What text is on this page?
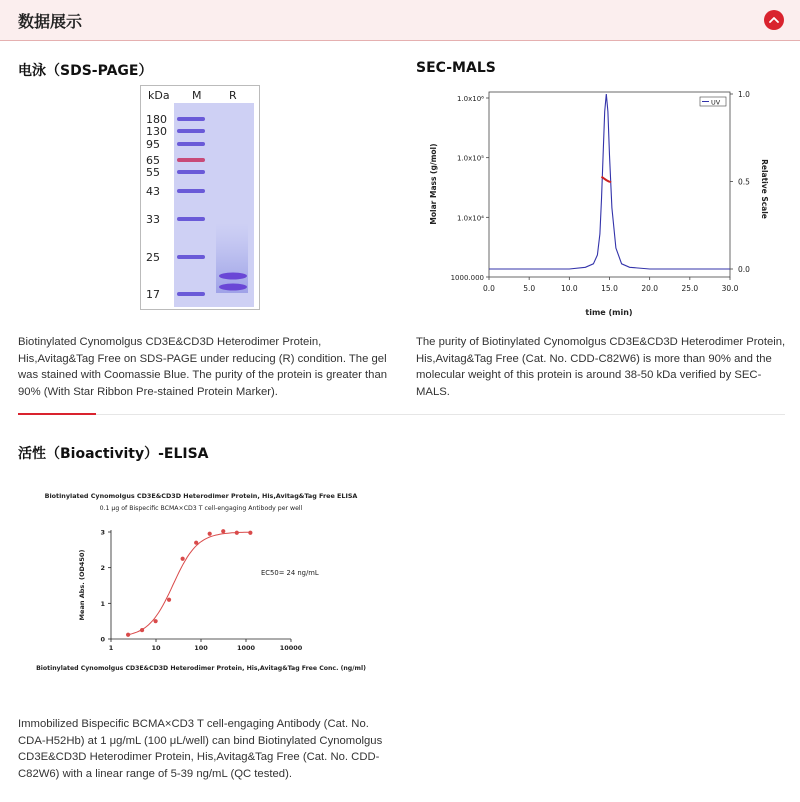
数据展示
电泳（SDS-PAGE）
180
130
95
65
55
43
33
25
17
kDa M	R
Biotinylated Cynomolgus CD3E&CD3D Heterodimer Protein,
His,Avitag&Tag Free on SDS-PAGE under reducing (R) condition. The gel
was stained with Coomassie Blue. The purity of the protein is greater than
90% (With Star Ribbon Pre-stained Protein Marker).
SEC-MALS
0.0	5.0	10.0	15.0	20.0	25.0	30.0
1000.000
1.0x10⁴
1.0x10⁵
1.0x10⁶
0.0
0.5
1.0
time (min)
Molar Mass (g/mol)	Relative Scale
UV
The purity of Biotinylated Cynomolgus CD3E&CD3D Heterodimer Protein,
His,Avitag&Tag Free (Cat. No. CDD-C82W6) is more than 90% and the
molecular weight of this protein is around 38-50 kDa verified by SEC-
MALS.
活性（Bioactivity）-ELISA
Biotinylated Cynomolgus CD3E&CD3D Heterodimer Protein, His,Avitag&Tag Free ELISA
0.1 μg of Bispecific BCMA×CD3 T cell-engaging Antibody per well
1	10	100	1000	10000
0
1
2
3
Mean Abs. (OD450)
Biotinylated Cynomolgus CD3E&CD3D Heterodimer Protein, His,Avitag&Tag Free Conc. (ng/ml)
EC50= 24 ng/mL
Immobilized Bispecific BCMA×CD3 T cell-engaging Antibody (Cat. No.
CDA-H52Hb) at 1 μg/mL (100 μL/well) can bind Biotinylated Cynomolgus
CD3E&CD3D Heterodimer Protein, His,Avitag&Tag Free (Cat. No. CDD-
C82W6) with a linear range of 5-39 ng/mL (QC tested).
